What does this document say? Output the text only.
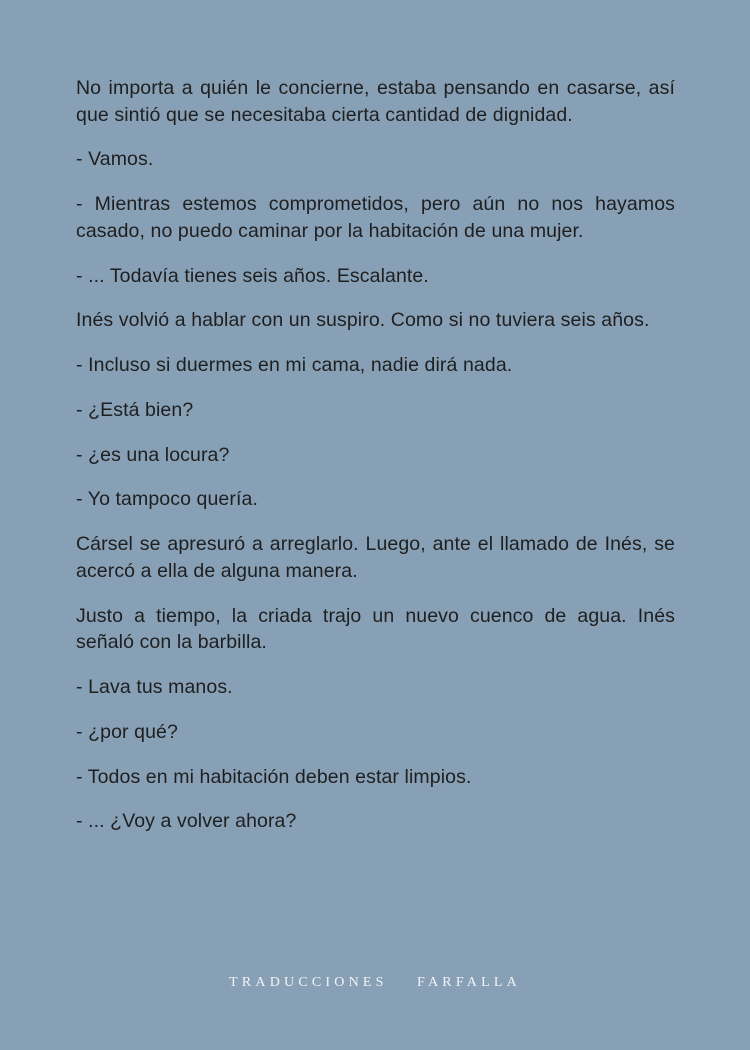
No importa a quién le concierne, estaba pensando en casarse, así que sintió que se necesitaba cierta cantidad de dignidad.

- Vamos.

- Mientras estemos comprometidos, pero aún no nos hayamos casado, no puedo caminar por la habitación de una mujer.

- ... Todavía tienes seis años. Escalante.

Inés volvió a hablar con un suspiro. Como si no tuviera seis años.

- Incluso si duermes en mi cama, nadie dirá nada.

- ¿Está bien?

- ¿es una locura?

- Yo tampoco quería.

Cársel se apresuró a arreglarlo. Luego, ante el llamado de Inés, se acercó a ella de alguna manera.

Justo a tiempo, la criada trajo un nuevo cuenco de agua. Inés señaló con la barbilla.

- Lava tus manos.

- ¿por qué?

- Todos en mi habitación deben estar limpios.

- ... ¿Voy a volver ahora?

TRADUCCIONES FARFALLA
